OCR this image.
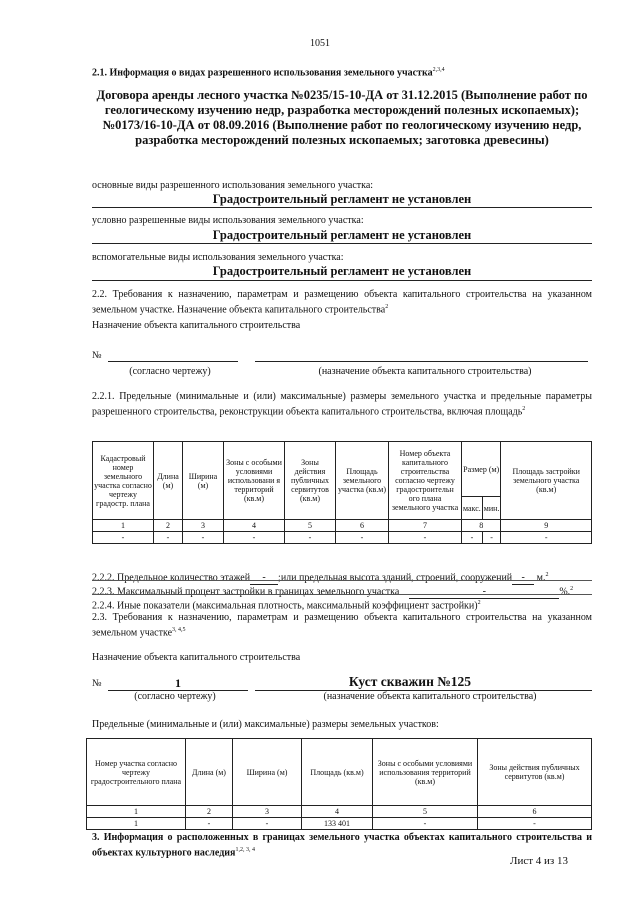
1051
2.1. Информация о видах разрешенного использования земельного участка$^{2,3,4}$
Договора аренды лесного участка №0235/15-10-ДА от 31.12.2015 (Выполнение работ по геологическому изучению недр, разработка месторождений полезных ископаемых); №0173/16-10-ДА от 08.09.2016 (Выполнение работ по геологическому изучению недр, разработка месторождений полезных ископаемых; заготовка древесины)
основные виды разрешенного использования земельного участка:
Градостроительный регламент не установлен
условно разрешенные виды использования земельного участка:
Градостроительный регламент не установлен
вспомогательные виды использования земельного участка:
Градостроительный регламент не установлен
2.2. Требования к назначению, параметрам и размещению объекта капитального строительства на указанном земельном участке. Назначение объекта капитального строительства$^2$
Назначение объекта капитального строительства
№
(согласно чертежу)	(назначение объекта капитального строительства)
2.2.1. Предельные (минимальные и (или) максимальные) размеры земельного участка и предельные параметры разрешенного строительства, реконструкции объекта капитального строительства, включая площадь$^2$
Кадастровый номер земельного участка согласно чертежу градостр. плана	Длина (м)	Ширина (м)	Зоны с особыми условиями использовани я территорий (кв.м)	Зоны действия публичных сервитутов (кв.м)	Площадь земельного участка (кв.м)	Номер объекта капитального строительства согласно чертежу градостроительн ого плана земельного участка	Размер (м)		Площадь застройки земельного участка (кв.м)
							макс.	мин.	
1	2	3	4	5	6	7	8		9
-	-	-	-	-	-	-	-	-	-
2.2.2. Предельное количество этажей - ;или предельная высота зданий, строений, сооружений - м.$^2$
2.2.3. Максимальный процент застройки в границах земельного участка	-	%.$^2$
2.2.4. Иные показатели (максимальная плотность, максимальный коэффициент застройки)$^2$
2.3. Требования к назначению, параметрам и размещению объекта капитального строительства на указанном земельном участке$^{3, 4,5}$
Назначение объекта капитального строительства
№	1	Куст скважин №125
(согласно чертежу)	(назначение объекта капитального строительства)
Предельные (минимальные и (или) максимальные) размеры земельных участков:
Номер участка согласно чертежу градостроительного плана	Длина (м)	Ширина (м)	Площадь (кв.м)	Зоны с особыми условиями использования территорий (кв.м)	Зоны действия публичных сервитутов (кв.м)
1	2	3	4	5	6
1	-	-	133 401	-	-
3. Информация о расположенных в границах земельного участка объектах капитального строительства и объектах культурного наследия$^{1,2, 3, 4}$
Лист 4 из 13
